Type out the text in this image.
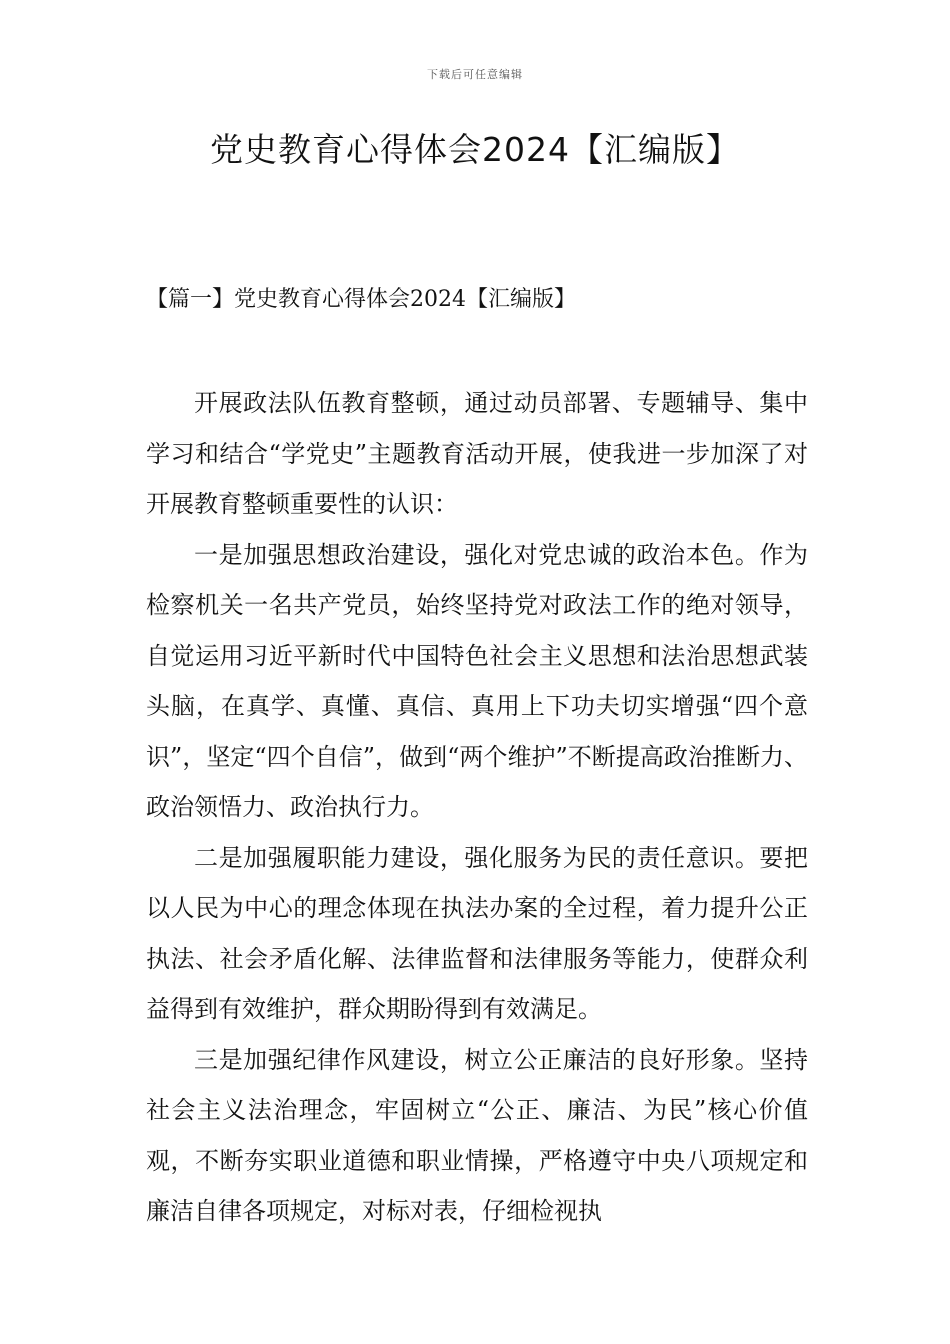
下载后可任意编辑
党史教育心得体会2024【汇编版】
【篇一】党史教育心得体会2024【汇编版】

开展政法队伍教育整顿，通过动员部署、专题辅导、集中学习和结合“学党史”主题教育活动开展，使我进一步加深了对开展教育整顿重要性的认识：

一是加强思想政治建设，强化对党忠诚的政治本色。作为检察机关一名共产党员，始终坚持党对政法工作的绝对领导，自觉运用习近平新时代中国特色社会主义思想和法治思想武装头脑，在真学、真懂、真信、真用上下功夫切实增强“四个意识”，坚定“四个自信”，做到“两个维护”不断提高政治推断力、政治领悟力、政治执行力。

二是加强履职能力建设，强化服务为民的责任意识。要把以人民为中心的理念体现在执法办案的全过程，着力提升公正执法、社会矛盾化解、法律监督和法律服务等能力，使群众利益得到有效维护，群众期盼得到有效满足。

三是加强纪律作风建设，树立公正廉洁的良好形象。坚持社会主义法治理念，牢固树立“公正、廉洁、为民”核心价值观，不断夯实职业道德和职业情操，严格遵守中央八项规定和廉洁自律各项规定，对标对表，仔细检视执
